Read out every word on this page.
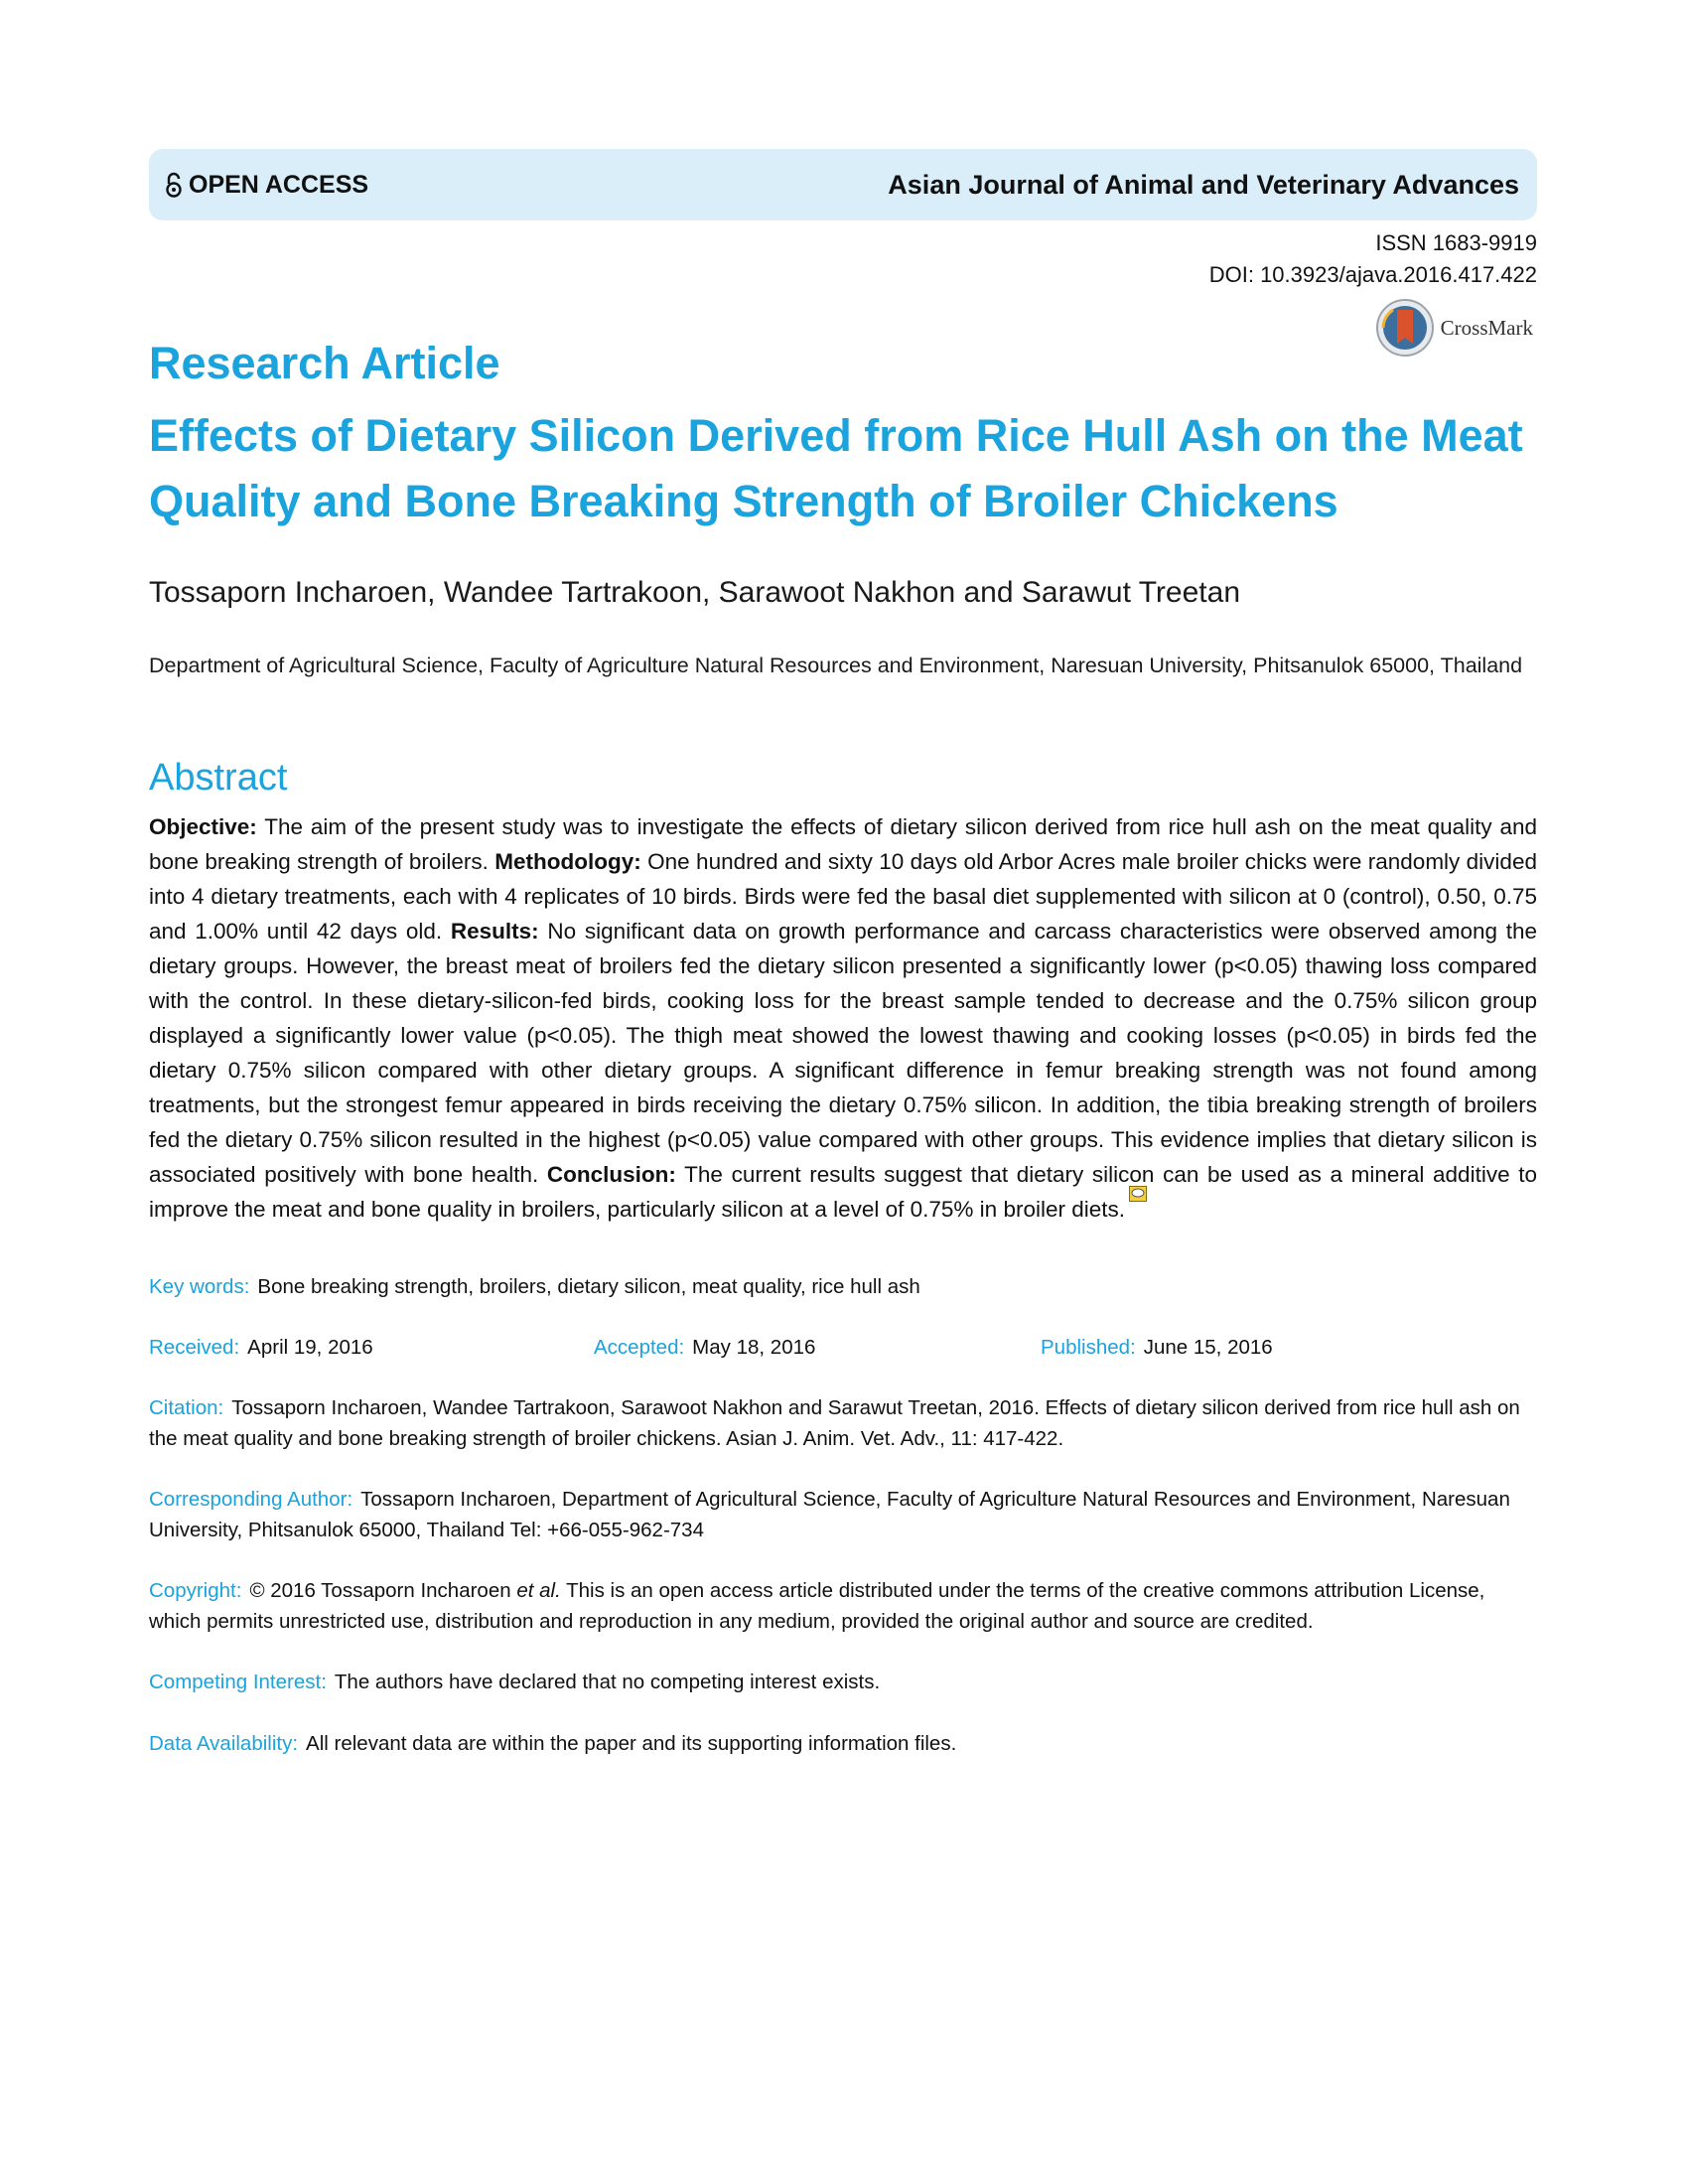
OPEN ACCESS	Asian Journal of Animal and Veterinary Advances
ISSN 1683-9919
DOI: 10.3923/ajava.2016.417.422
CrossMark
Research Article
Effects of Dietary Silicon Derived from Rice Hull Ash on the Meat Quality and Bone Breaking Strength of Broiler Chickens
Tossaporn Incharoen, Wandee Tartrakoon, Sarawoot Nakhon and Sarawut Treetan
Department of Agricultural Science, Faculty of Agriculture Natural Resources and Environment, Naresuan University, Phitsanulok 65000, Thailand
Abstract
Objective: The aim of the present study was to investigate the effects of dietary silicon derived from rice hull ash on the meat quality and bone breaking strength of broilers. Methodology: One hundred and sixty 10 days old Arbor Acres male broiler chicks were randomly divided into 4 dietary treatments, each with 4 replicates of 10 birds. Birds were fed the basal diet supplemented with silicon at 0 (control), 0.50, 0.75 and 1.00% until 42 days old. Results: No significant data on growth performance and carcass characteristics were observed among the dietary groups. However, the breast meat of broilers fed the dietary silicon presented a significantly lower (p<0.05) thawing loss compared with the control. In these dietary-silicon-fed birds, cooking loss for the breast sample tended to decrease and the 0.75% silicon group displayed a significantly lower value (p<0.05). The thigh meat showed the lowest thawing and cooking losses (p<0.05) in birds fed the dietary 0.75% silicon compared with other dietary groups. A significant difference in femur breaking strength was not found among treatments, but the strongest femur appeared in birds receiving the dietary 0.75% silicon. In addition, the tibia breaking strength of broilers fed the dietary 0.75% silicon resulted in the highest (p<0.05) value compared with other groups. This evidence implies that dietary silicon is associated positively with bone health. Conclusion: The current results suggest that dietary silicon can be used as a mineral additive to improve the meat and bone quality in broilers, particularly silicon at a level of 0.75% in broiler diets.
Key words: Bone breaking strength, broilers, dietary silicon, meat quality, rice hull ash
Received: April 19, 2016	Accepted: May 18, 2016	Published: June 15, 2016
Citation: Tossaporn Incharoen, Wandee Tartrakoon, Sarawoot Nakhon and Sarawut Treetan, 2016. Effects of dietary silicon derived from rice hull ash on the meat quality and bone breaking strength of broiler chickens. Asian J. Anim. Vet. Adv., 11: 417-422.
Corresponding Author: Tossaporn Incharoen, Department of Agricultural Science, Faculty of Agriculture Natural Resources and Environment, Naresuan University, Phitsanulok 65000, Thailand Tel: +66-055-962-734
Copyright: © 2016 Tossaporn Incharoen et al. This is an open access article distributed under the terms of the creative commons attribution License, which permits unrestricted use, distribution and reproduction in any medium, provided the original author and source are credited.
Competing Interest: The authors have declared that no competing interest exists.
Data Availability: All relevant data are within the paper and its supporting information files.
